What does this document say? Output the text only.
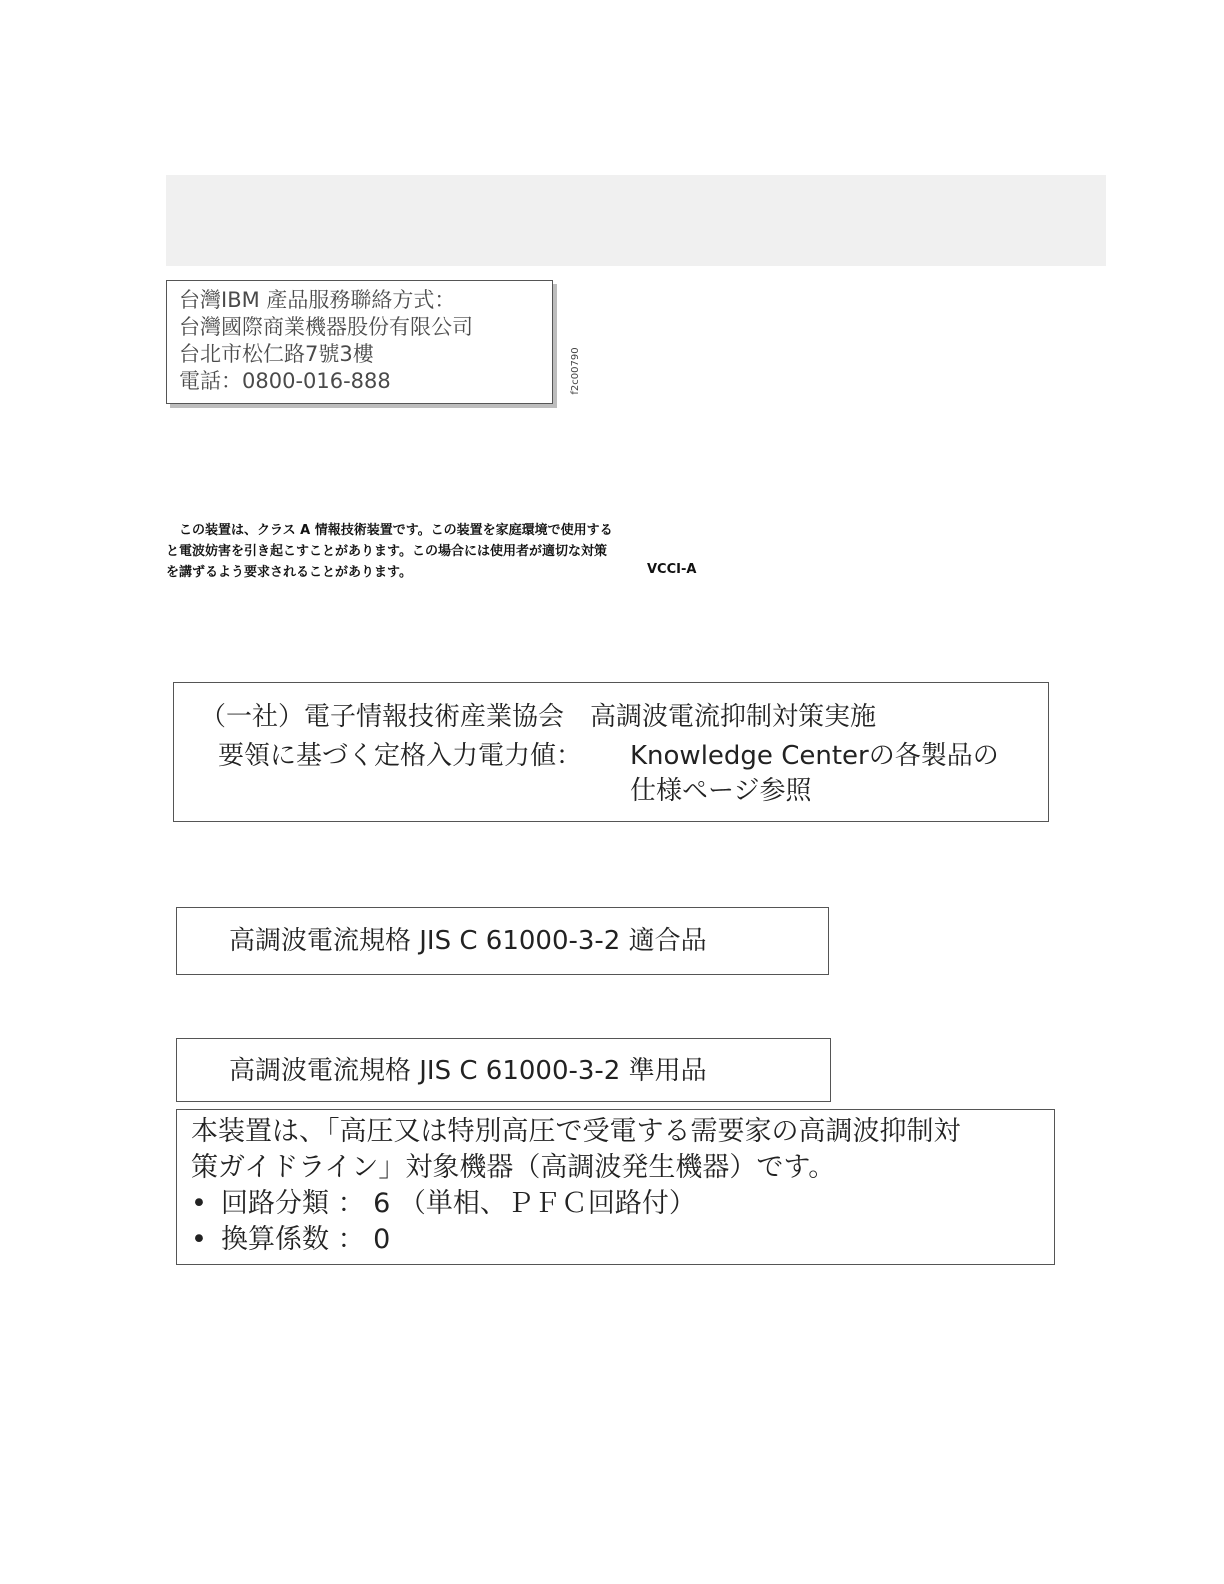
台灣IBM 產品服務聯絡方式：
台灣國際商業機器股份有限公司
台北市松仁路7號3樓
電話：0800-016-888	f2c00790
　この装置は、クラス A 情報技術装置です。この装置を家庭環境で使用する
と電波妨害を引き起こすことがあります。この場合には使用者が適切な対策
を講ずるよう要求されることがあります。	VCCI-A
（一社）電子情報技術産業協会　高調波電流抑制対策実施
要領に基づく定格入力電力値： Knowledge Centerの各製品の
仕様ページ参照
高調波電流規格 JIS C 61000-3-2 適合品
高調波電流規格 JIS C 61000-3-2 準用品
本装置は、「高圧又は特別高圧で受電する需要家の高調波抑制対
策ガイドライン」対象機器（高調波発生機器）です。
• 回路分類 ： 6 （単相、ＰＦＣ回路付）
• 換算係数 ： 0
